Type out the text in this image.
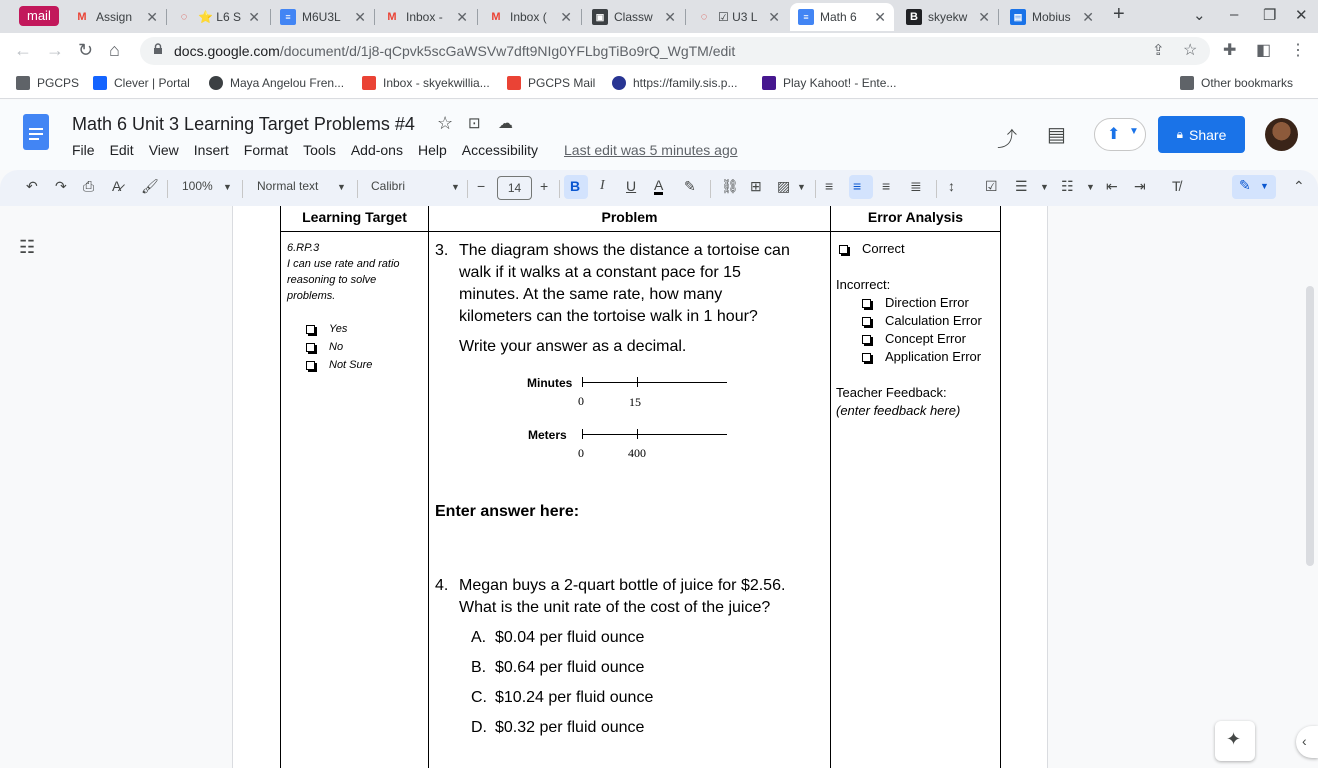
mail	M Assign	✕	◌ ⭐ L6 S ✕	≡ M6U3L ✕	M Inbox - ✕	M Inbox ( ✕	▣ Classw ✕	◌ ☑ U3 L ✕	≡ Math 6	✕	B skyekw ✕	▤ Mobius ✕ +	⌄ – ❐ ✕
← → ↻ ⌂	docs.google.com/document/d/1j8-qCpvk5scGaWSVw7dft9NIg0YFLbgTiBo9rQ_WgTM/edit	⇪ ☆ ✚ ◧ ⋮
PGCPS	Clever | Portal	Maya Angelou Fren...	Inbox - skyekwillia...	PGCPS Mail	https://family.sis.p...	Play Kahoot! - Ente...	Other bookmarks
Math 6 Unit 3 Learning Target Problems #4 ☆ ⊡ ☁
File Edit View Insert Format Tools Add-ons Help Accessibility Last edit was 5 minutes ago	⤴ ▤	⬆ ▼	🔒︎ Share
↶ ↷ ⎙ A̷ 🖌︎ 100% ▼ Normal text ▼ Calibri	▼ −	14	+ B I U A ✎ ⛓︎ ⊞ ▨ ▼ ≡ ≡ ≡ ≣ ↕ ☑ ☰ ▼ ☷ ▼ ⇤ ⇥ T̸	✎ ▼ ⌃
☷
Learning Target	Problem	Error Analysis
6.RP.3
I can use rate and ratio
reasoning to solve
problems.
Yes
No
Not Sure
3. The diagram shows the distance a tortoise can
walk if it walks at a constant pace for 15
minutes. At the same rate, how many
kilometers can the tortoise walk in 1 hour?
Write your answer as a decimal.
Minutes
0	15
Meters
0	400
Enter answer here:
4. Megan buys a 2-quart bottle of juice for $2.56.
What is the unit rate of the cost of the juice?
A. $0.04 per fluid ounce
B. $0.64 per fluid ounce
C. $10.24 per fluid ounce
D. $0.32 per fluid ounce
Correct
Incorrect:
Direction Error
Calculation Error
Concept Error
Application Error
Teacher Feedback:
(enter feedback here)
✦	‹
